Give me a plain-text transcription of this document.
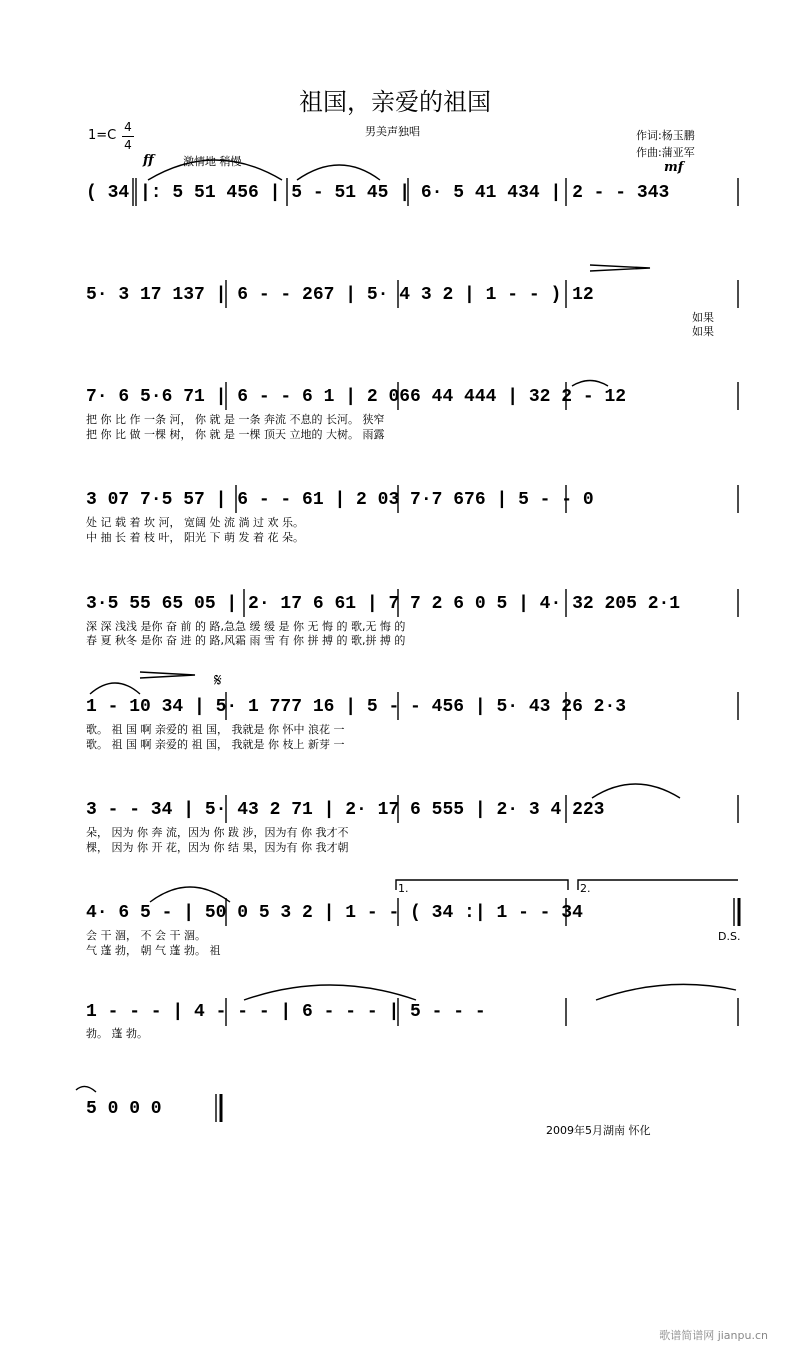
祖国，亲爱的祖国
1=C
4
4
男美声独唱	作词:杨玉鹏
作曲:蒲亚军
ff	激情地 稍慢	mf
( 34 |: 5 51 456 | 5 - 51 45 | 6· 5 41 434 | 2 - - 343
5· 3 17 137 | 6 - - 267 | 5· 4 3 2 | 1 - - ) 12
如果
如果
7· 6 5·6 71 | 6 - - 6 1 | 2 066 44 444 | 32 2 - 12
把 你 比 作 一条 河， 你 就 是 一条 奔流 不息的 长河。 狭窄
把 你 比 做 一棵 树， 你 就 是 一棵 顶天 立地的 大树。 雨露
3 07 7·5 57 | 6 - - 61 | 2 03 7·7 676 | 5 - - 0
处 记 载 着 坎 河， 宽阔 处 流 淌 过 欢 乐。
中 抽 长 着 枝 叶， 阳光 下 萌 发 着 花 朵。
3·5 55 65 05 | 2· 17 6 61 | 7 7 2 6 0 5 | 4· 32 205 2·1
深 深 浅浅 是你 奋 前 的 路,急急 缓 缓 是 你 无 悔 的 歌,无 悔 的
春 夏 秋冬 是你 奋 进 的 路,风霜 雨 雪 有 你 拼 搏 的 歌,拼 搏 的
𝄋
1 - 10 34 | 5· 1 777 16 | 5 - - 456 | 5· 43 26 2·3
歌。 祖 国 啊 亲爱的 祖 国， 我就是 你 怀中 浪花 一
歌。 祖 国 啊 亲爱的 祖 国， 我就是 你 枝上 新芽 一
3 - - 34 | 5· 43 2 71 | 2· 17 6 555 | 2· 3 4 223
朵， 因为 你 奔 流，因为 你 跋 涉，因为有 你 我才不
棵， 因为 你 开 花，因为 你 结 果，因为有 你 我才朝
1.	2.
4· 6 5 - | 50 0 5 3 2 | 1 - - ( 34 :| 1 - - 34
会 干 涸， 不 会 干 涸。
气 蓬 勃， 朝 气 蓬 勃。 祖
D.S.
1 - - - | 4 - - - | 6 - - - | 5 - - -
勃。 蓬 勃。
5 0 0 0
2009年5月湖南 怀化
歌谱简谱网 jianpu.cn
